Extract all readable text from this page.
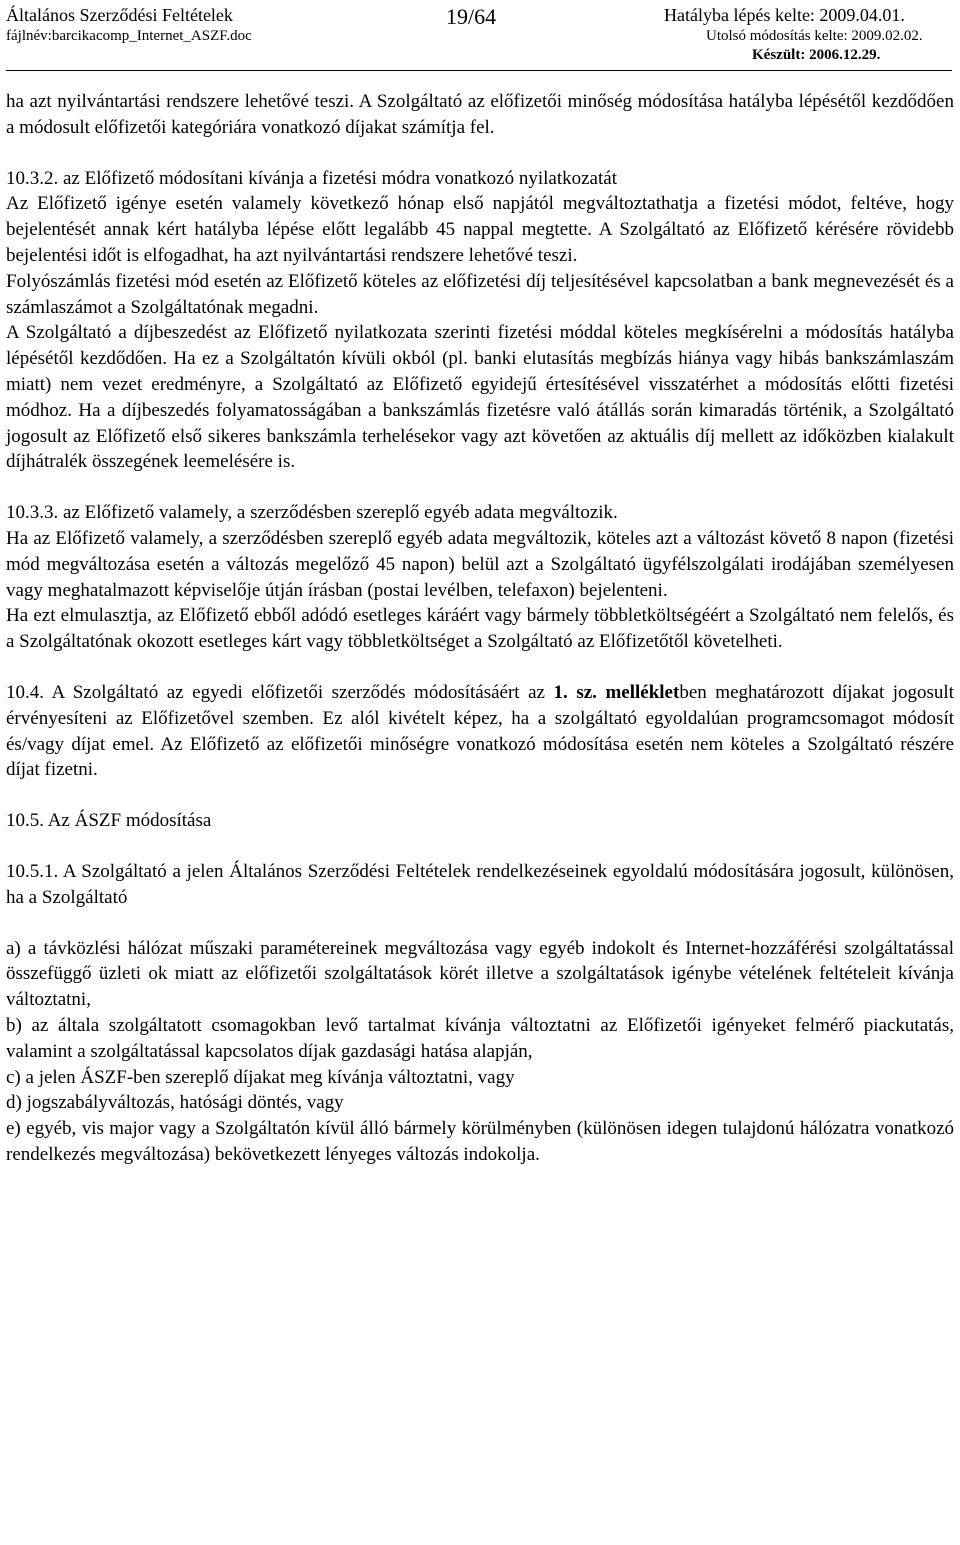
Általános Szerződési Feltételek
fájlnév:barcikacomp_Internet_ASZF.doc
19/64	Hatályba lépés kelte: 2009.04.01.
Utolsó módosítás kelte: 2009.02.02.
Készült: 2006.12.29.

ha azt nyilvántartási rendszere lehetővé teszi. A Szolgáltató az előfizetői minőség módosítása hatályba lépésétől kezdődően a módosult előfizetői kategóriára vonatkozó díjakat számítja fel.

10.3.2. az Előfizető módosítani kívánja a fizetési módra vonatkozó nyilatkozatát

Az Előfizető igénye esetén valamely következő hónap első napjától megváltoztathatja a fizetési módot, feltéve, hogy bejelentését annak kért hatályba lépése előtt legalább 45 nappal megtette. A Szolgáltató az Előfizető kérésére rövidebb bejelentési időt is elfogadhat, ha azt nyilvántartási rendszere lehetővé teszi.

Folyószámlás fizetési mód esetén az Előfizető köteles az előfizetési díj teljesítésével kapcsolatban a bank megnevezését és a számlaszámot a Szolgáltatónak megadni.

A Szolgáltató a díjbeszedést az Előfizető nyilatkozata szerinti fizetési móddal köteles megkísérelni a módosítás hatályba lépésétől kezdődően. Ha ez a Szolgáltatón kívüli okból (pl. banki elutasítás megbízás hiánya vagy hibás bankszámlaszám miatt) nem vezet eredményre, a Szolgáltató az Előfizető egyidejű értesítésével visszatérhet a módosítás előtti fizetési módhoz. Ha a díjbeszedés folyamatosságában a bankszámlás fizetésre való átállás során kimaradás történik, a Szolgáltató jogosult az Előfizető első sikeres bankszámla terhelésekor vagy azt követően az aktuális díj mellett az időközben kialakult díjhátralék összegének leemelésére is.

10.3.3. az Előfizető valamely, a szerződésben szereplő egyéb adata megváltozik.

Ha az Előfizető valamely, a szerződésben szereplő egyéb adata megváltozik, köteles azt a változást követő 8 napon (fizetési mód megváltozása esetén a változás megelőző 45 napon) belül azt a Szolgáltató ügyfélszolgálati irodájában személyesen vagy meghatalmazott képviselője útján írásban (postai levélben, telefaxon) bejelenteni.

Ha ezt elmulasztja, az Előfizető ebből adódó esetleges káráért vagy bármely többletköltségéért a Szolgáltató nem felelős, és a Szolgáltatónak okozott esetleges kárt vagy többletköltséget a Szolgáltató az Előfizetőtől követelheti.

10.4. A Szolgáltató az egyedi előfizetői szerződés módosításáért az 1. sz. mellékletben meghatározott díjakat jogosult érvényesíteni az Előfizetővel szemben. Ez alól kivételt képez, ha a szolgáltató egyoldalúan programcsomagot módosít és/vagy díjat emel. Az Előfizető az előfizetői minőségre vonatkozó módosítása esetén nem köteles a Szolgáltató részére díjat fizetni.

10.5. Az ÁSZF módosítása

10.5.1. A Szolgáltató a jelen Általános Szerződési Feltételek rendelkezéseinek egyoldalú módosítására jogosult, különösen, ha a Szolgáltató

a) a távközlési hálózat műszaki paramétereinek megváltozása vagy egyéb indokolt és Internet-hozzáférési szolgáltatással összefüggő üzleti ok miatt az előfizetői szolgáltatások körét illetve a szolgáltatások igénybe vételének feltételeit kívánja változtatni,

b) az általa szolgáltatott csomagokban levő tartalmat kívánja változtatni az Előfizetői igényeket felmérő piackutatás, valamint a szolgáltatással kapcsolatos díjak gazdasági hatása alapján,

c) a jelen ÁSZF-ben szereplő díjakat meg kívánja változtatni, vagy

d) jogszabályváltozás, hatósági döntés, vagy

e) egyéb, vis major vagy a Szolgáltatón kívül álló bármely körülményben (különösen idegen tulajdonú hálózatra vonatkozó rendelkezés megváltozása) bekövetkezett lényeges változás indokolja.
